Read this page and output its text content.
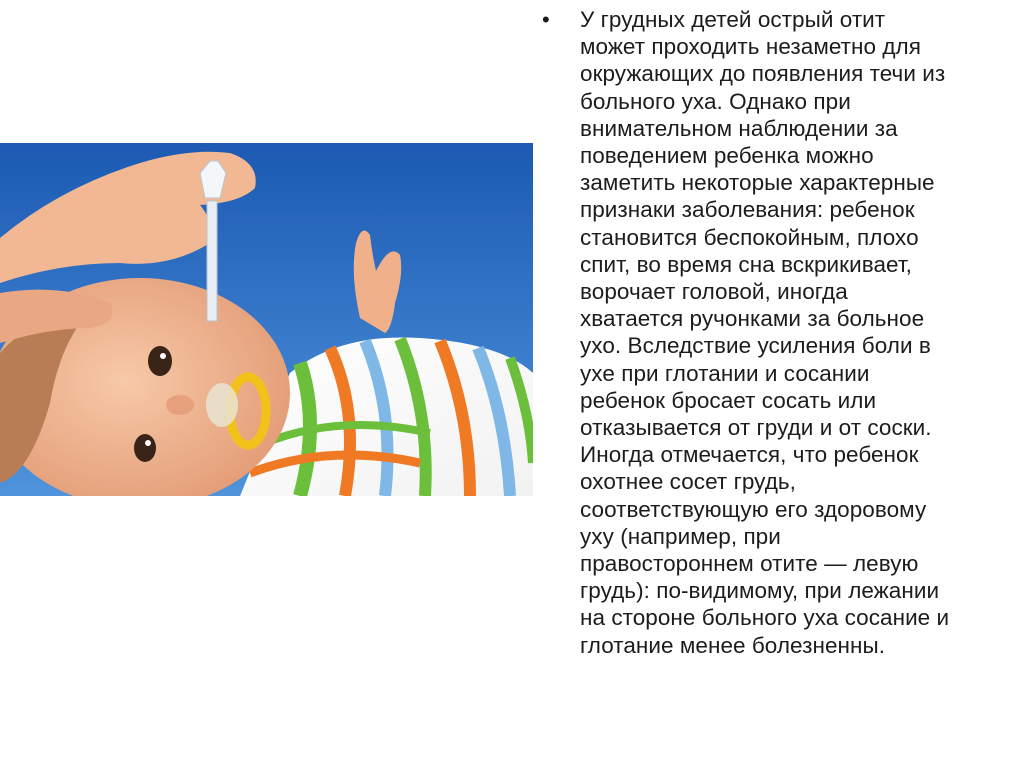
•	У грудных детей острый отит
может проходить незаметно для
окружающих до появления течи из
больного уха. Однако при
внимательном наблюдении за
поведением ребенка можно
заметить некоторые характерные
признаки заболевания: ребенок
становится беспокойным, плохо
спит, во время сна вскрикивает,
ворочает головой, иногда
хватается ручонками за больное
ухо. Вследствие усиления боли в
ухе при глотании и сосании
ребенок бросает сосать или
отказывается от груди и от соски.
Иногда отмечается, что ребенок
охотнее сосет грудь,
соответствующую его здоровому
уху (например, при
правостороннем отите — левую
грудь): по-видимому, при лежании
на стороне больного уха сосание и
глотание менее болезненны.
